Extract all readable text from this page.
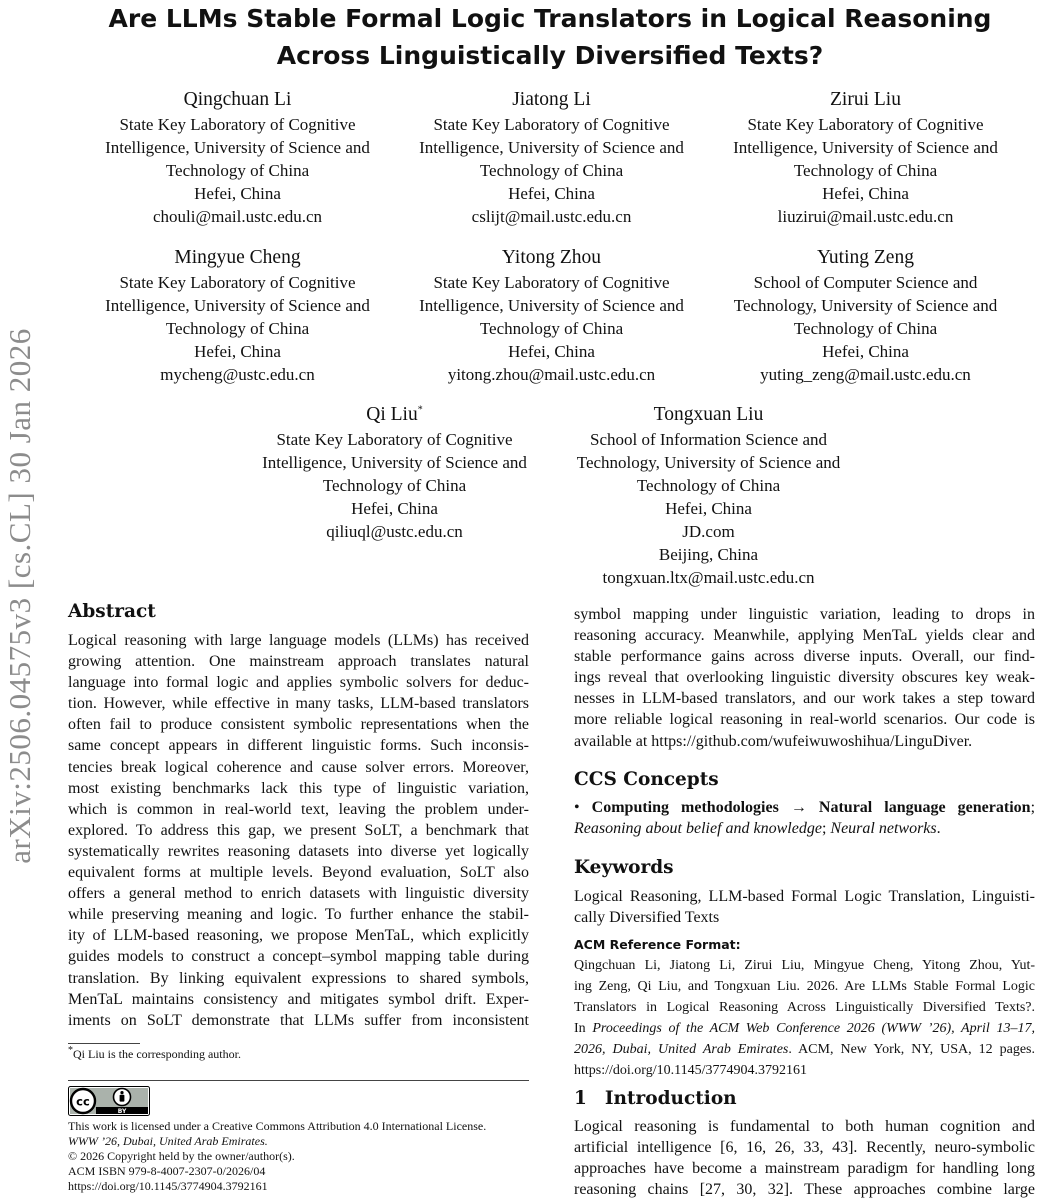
arXiv:2506.04575v3 [cs.CL] 30 Jan 2026
Are LLMs Stable Formal Logic Translators in Logical Reasoning
Across Linguistically Diversified Texts?
Qingchuan Li
State Key Laboratory of Cognitive
Intelligence, University of Science and
Technology of China
Hefei, China
chouli@mail.ustc.edu.cn
Jiatong Li
State Key Laboratory of Cognitive
Intelligence, University of Science and
Technology of China
Hefei, China
cslijt@mail.ustc.edu.cn
Zirui Liu
State Key Laboratory of Cognitive
Intelligence, University of Science and
Technology of China
Hefei, China
liuzirui@mail.ustc.edu.cn
Mingyue Cheng
State Key Laboratory of Cognitive
Intelligence, University of Science and
Technology of China
Hefei, China
mycheng@ustc.edu.cn
Yitong Zhou
State Key Laboratory of Cognitive
Intelligence, University of Science and
Technology of China
Hefei, China
yitong.zhou@mail.ustc.edu.cn
Yuting Zeng
School of Computer Science and
Technology, University of Science and
Technology of China
Hefei, China
yuting_zeng@mail.ustc.edu.cn
Qi Liu*
State Key Laboratory of Cognitive
Intelligence, University of Science and
Technology of China
Hefei, China
qiliuql@ustc.edu.cn
Tongxuan Liu
School of Information Science and
Technology, University of Science and
Technology of China
Hefei, China
JD.com
Beijing, China
tongxuan.ltx@mail.ustc.edu.cn
Abstract
Logical reasoning with large language models (LLMs) has received
growing attention. One mainstream approach translates natural
language into formal logic and applies symbolic solvers for deduc-
tion. However, while effective in many tasks, LLM-based translators
often fail to produce consistent symbolic representations when the
same concept appears in different linguistic forms. Such inconsis-
tencies break logical coherence and cause solver errors. Moreover,
most existing benchmarks lack this type of linguistic variation,
which is common in real-world text, leaving the problem under-
explored. To address this gap, we present SoLT, a benchmark that
systematically rewrites reasoning datasets into diverse yet logically
equivalent forms at multiple levels. Beyond evaluation, SoLT also
offers a general method to enrich datasets with linguistic diversity
while preserving meaning and logic. To further enhance the stabil-
ity of LLM-based reasoning, we propose MenTaL, which explicitly
guides models to construct a concept–symbol mapping table during
translation. By linking equivalent expressions to shared symbols,
MenTaL maintains consistency and mitigates symbol drift. Exper-
iments on SoLT demonstrate that LLMs suffer from inconsistent
*Qi Liu is the corresponding author.
cc
BY
This work is licensed under a Creative Commons Attribution 4.0 International License.
WWW ’26, Dubai, United Arab Emirates.
© 2026 Copyright held by the owner/author(s).
ACM ISBN 979-8-4007-2307-0/2026/04
https://doi.org/10.1145/3774904.3792161
symbol mapping under linguistic variation, leading to drops in
reasoning accuracy. Meanwhile, applying MenTaL yields clear and
stable performance gains across diverse inputs. Overall, our find-
ings reveal that overlooking linguistic diversity obscures key weak-
nesses in LLM-based translators, and our work takes a step toward
more reliable logical reasoning in real-world scenarios. Our code is
available at https://github.com/wufeiwuwoshihua/LinguDiver.
CCS Concepts
• Computing methodologies → Natural language generation;
Reasoning about belief and knowledge; Neural networks.
Keywords
Logical Reasoning, LLM-based Formal Logic Translation, Linguisti-
cally Diversified Texts
ACM Reference Format:
Qingchuan Li, Jiatong Li, Zirui Liu, Mingyue Cheng, Yitong Zhou, Yut-
ing Zeng, Qi Liu, and Tongxuan Liu. 2026. Are LLMs Stable Formal Logic
Translators in Logical Reasoning Across Linguistically Diversified Texts?.
In Proceedings of the ACM Web Conference 2026 (WWW ’26), April 13–17,
2026, Dubai, United Arab Emirates. ACM, New York, NY, USA, 12 pages.
https://doi.org/10.1145/3774904.3792161
1 Introduction
Logical reasoning is fundamental to both human cognition and
artificial intelligence [6, 16, 26, 33, 43]. Recently, neuro-symbolic
approaches have become a mainstream paradigm for handling long
reasoning chains [27, 30, 32]. These approaches combine large
